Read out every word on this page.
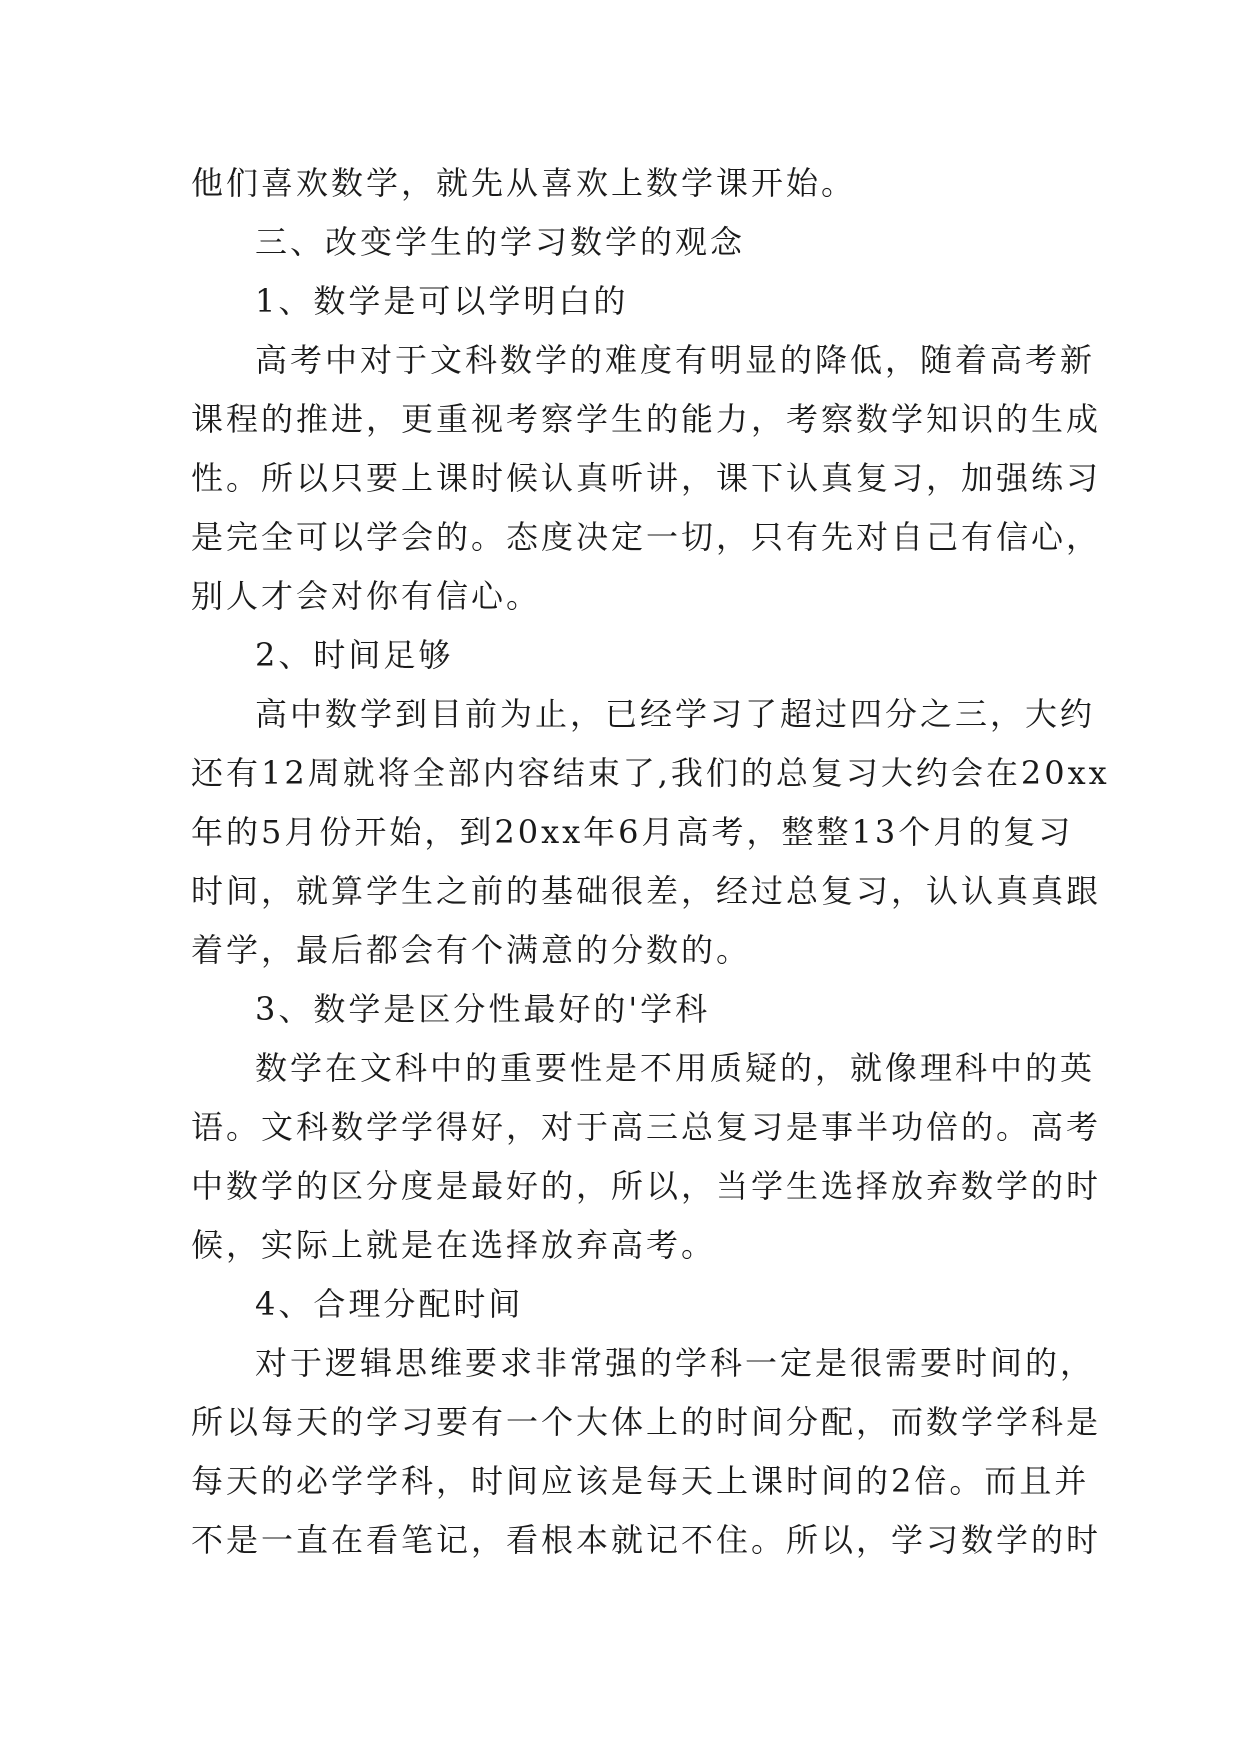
他们喜欢数学，就先从喜欢上数学课开始。
三、改变学生的学习数学的观念
1、数学是可以学明白的
高考中对于文科数学的难度有明显的降低，随着高考新
课程的推进，更重视考察学生的能力，考察数学知识的生成
性。所以只要上课时候认真听讲，课下认真复习，加强练习
是完全可以学会的。态度决定一切，只有先对自己有信心，
别人才会对你有信心。
2、时间足够
高中数学到目前为止，已经学习了超过四分之三，大约
还有12周就将全部内容结束了,我们的总复习大约会在20xx
年的5月份开始，到20xx年6月高考，整整13个月的复习
时间，就算学生之前的基础很差，经过总复习，认认真真跟
着学，最后都会有个满意的分数的。
3、数学是区分性最好的'学科
数学在文科中的重要性是不用质疑的，就像理科中的英
语。文科数学学得好，对于高三总复习是事半功倍的。高考
中数学的区分度是最好的，所以，当学生选择放弃数学的时
候，实际上就是在选择放弃高考。
4、合理分配时间
对于逻辑思维要求非常强的学科一定是很需要时间的，
所以每天的学习要有一个大体上的时间分配，而数学学科是
每天的必学学科，时间应该是每天上课时间的2倍。而且并
不是一直在看笔记，看根本就记不住。所以，学习数学的时
